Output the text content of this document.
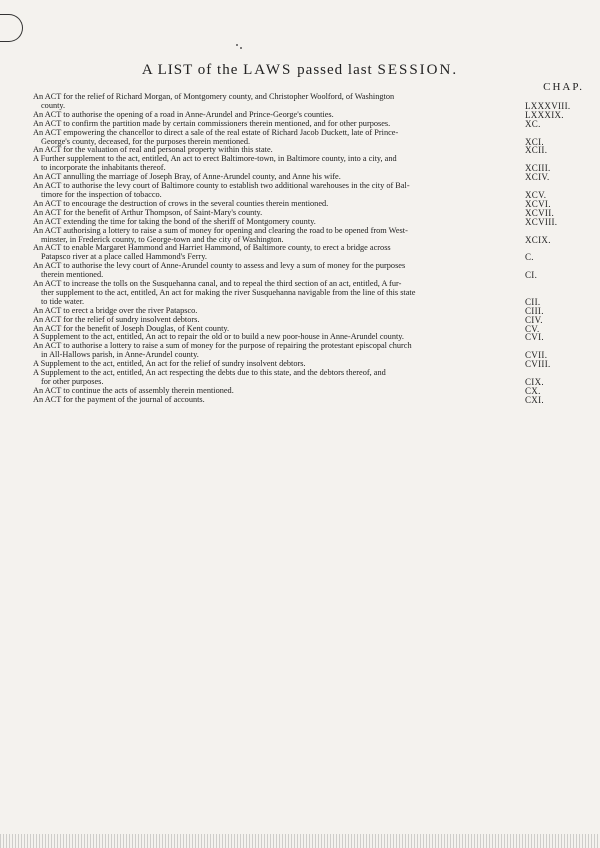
A LIST of the LAWS passed last SESSION.
CHAP.
An ACT for the relief of Richard Morgan, of Montgomery county, and Christopher Woolford, of Washington
county.	LXXXVIII.
An ACT to authorise the opening of a road in Anne-Arundel and Prince-George's counties.	LXXXIX.
An ACT to confirm the partition made by certain commissioners therein mentioned, and for other purposes.	XC.
An ACT empowering the chancellor to direct a sale of the real estate of Richard Jacob Duckett, late of Prince-
George's county, deceased, for the purposes therein mentioned.	XCI.
An ACT for the valuation of real and personal property within this state.	XCII.
A Further supplement to the act, entitled, An act to erect Baltimore-town, in Baltimore county, into a city, and
to incorporate the inhabitants thereof.	XCIII.
An ACT annulling the marriage of Joseph Bray, of Anne-Arundel county, and Anne his wife.	XCIV.
An ACT to authorise the levy court of Baltimore county to establish two additional warehouses in the city of Bal-
timore for the inspection of tobacco.	XCV.
An ACT to encourage the destruction of crows in the several counties therein mentioned.	XCVI.
An ACT for the benefit of Arthur Thompson, of Saint-Mary's county.	XCVII.
An ACT extending the time for taking the bond of the sheriff of Montgomery county.	XCVIII.
An ACT authorising a lottery to raise a sum of money for opening and clearing the road to be opened from West-
minster, in Frederick county, to George-town and the city of Washington.	XCIX.
An ACT to enable Margaret Hammond and Harriet Hammond, of Baltimore county, to erect a bridge across
Patapsco river at a place called Hammond's Ferry.	C.
An ACT to authorise the levy court of Anne-Arundel county to assess and levy a sum of money for the purposes
therein mentioned.	CI.
An ACT to increase the tolls on the Susquehanna canal, and to repeal the third section of an act, entitled, A fur-
ther supplement to the act, entitled, An act for making the river Susquehanna navigable from the line of this state
to tide water.	CII.
An ACT to erect a bridge over the river Patapsco.	CIII.
An ACT for the relief of sundry insolvent debtors.	CIV.
An ACT for the benefit of Joseph Douglas, of Kent county.	CV.
A Supplement to the act, entitled, An act to repair the old or to build a new poor-house in Anne-Arundel county.	CVI.
An ACT to authorise a lottery to raise a sum of money for the purpose of repairing the protestant episcopal church
in All-Hallows parish, in Anne-Arundel county.	CVII.
A Supplement to the act, entitled, An act for the relief of sundry insolvent debtors.	CVIII.
A Supplement to the act, entitled, An act respecting the debts due to this state, and the debtors thereof, and
for other purposes.	CIX.
An ACT to continue the acts of assembly therein mentioned.	CX.
An ACT for the payment of the journal of accounts.	CXI.
